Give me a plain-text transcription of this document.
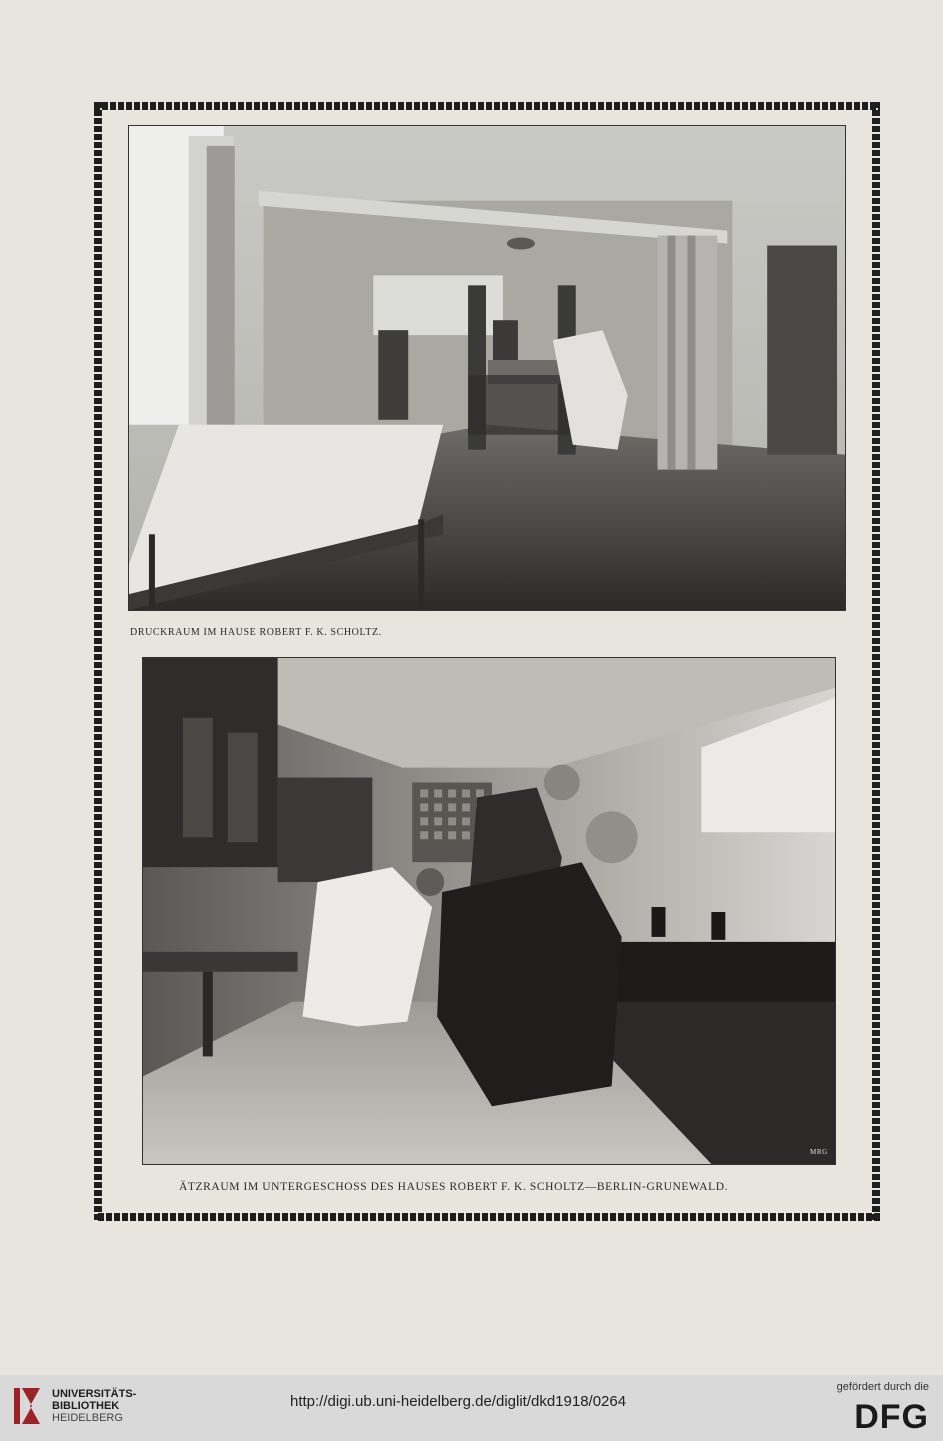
DRUCKRAUM IM HAUSE ROBERT F. K. SCHOLTZ.
MRG
ÄTZRAUM IM UNTERGESCHOSS DES HAUSES ROBERT F. K. SCHOLTZ—BERLIN-GRUNEWALD.
UNIVERSITÄTS-
BIBLIOTHEK
HEIDELBERG
http://digi.ub.uni-heidelberg.de/diglit/dkd1918/0264
gefördert durch die
DFG
